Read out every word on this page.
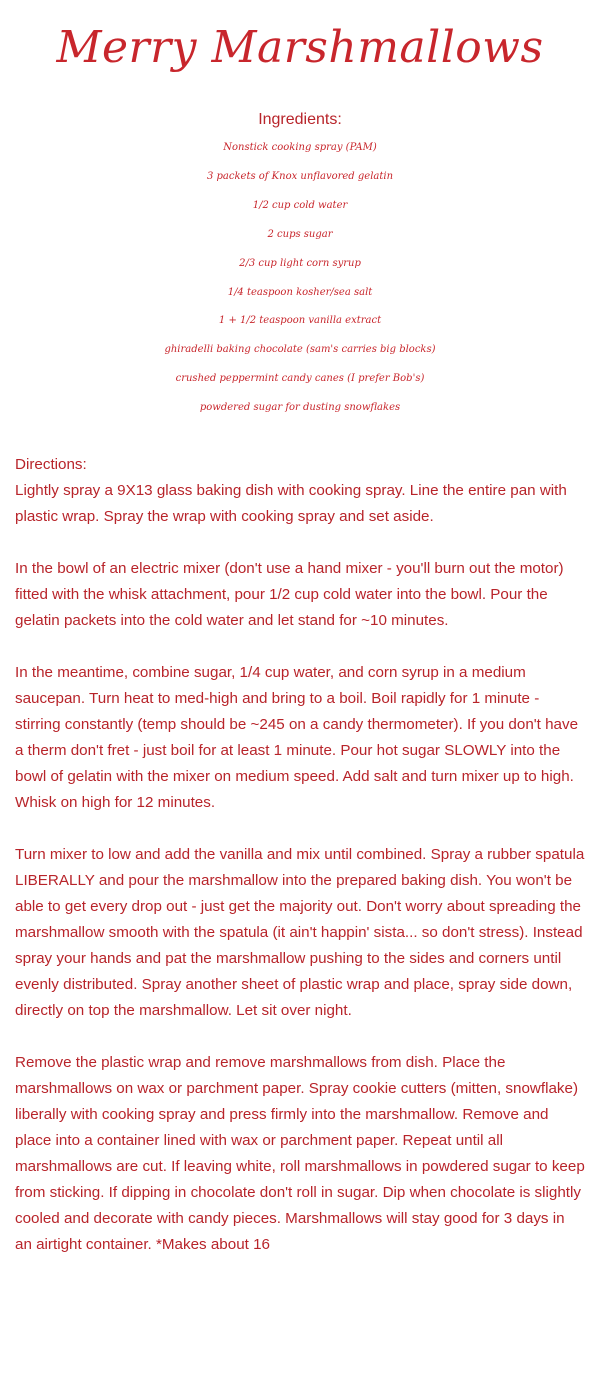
Merry Marshmallows
Ingredients:
Nonstick cooking spray (PAM)
3 packets of Knox unflavored gelatin
1/2 cup cold water
2 cups sugar
2/3 cup light corn syrup
1/4 teaspoon kosher/sea salt
1 + 1/2 teaspoon vanilla extract
ghiradelli baking chocolate (sam's carries big blocks)
crushed peppermint candy canes (I prefer Bob's)
powdered sugar for dusting snowflakes

Directions:

Lightly spray a 9X13 glass baking dish with cooking spray. Line the entire pan with plastic wrap. Spray the wrap with cooking spray and set aside.

In the bowl of an electric mixer (don't use a hand mixer - you'll burn out the motor) fitted with the whisk attachment, pour 1/2 cup cold water into the bowl. Pour the gelatin packets into the cold water and let stand for ~10 minutes.

In the meantime, combine sugar, 1/4 cup water, and corn syrup in a medium saucepan. Turn heat to med-high and bring to a boil. Boil rapidly for 1 minute - stirring constantly (temp should be ~245 on a candy thermometer). If you don't have a therm don't fret - just boil for at least 1 minute. Pour hot sugar SLOWLY into the bowl of gelatin with the mixer on medium speed. Add salt and turn mixer up to high. Whisk on high for 12 minutes.

Turn mixer to low and add the vanilla and mix until combined. Spray a rubber spatula LIBERALLY and pour the marshmallow into the prepared baking dish. You won't be able to get every drop out - just get the majority out. Don't worry about spreading the marshmallow smooth with the spatula (it ain't happin' sista... so don't stress). Instead spray your hands and pat the marshmallow pushing to the sides and corners until evenly distributed. Spray another sheet of plastic wrap and place, spray side down, directly on top the marshmallow. Let sit over night.

Remove the plastic wrap and remove marshmallows from dish. Place the marshmallows on wax or parchment paper. Spray cookie cutters (mitten, snowflake) liberally with cooking spray and press firmly into the marshmallow. Remove and place into a container lined with wax or parchment paper. Repeat until all marshmallows are cut. If leaving white, roll marshmallows in powdered sugar to keep from sticking. If dipping in chocolate don't roll in sugar. Dip when chocolate is slightly cooled and decorate with candy pieces. Marshmallows will stay good for 3 days in an airtight container. *Makes about 16
